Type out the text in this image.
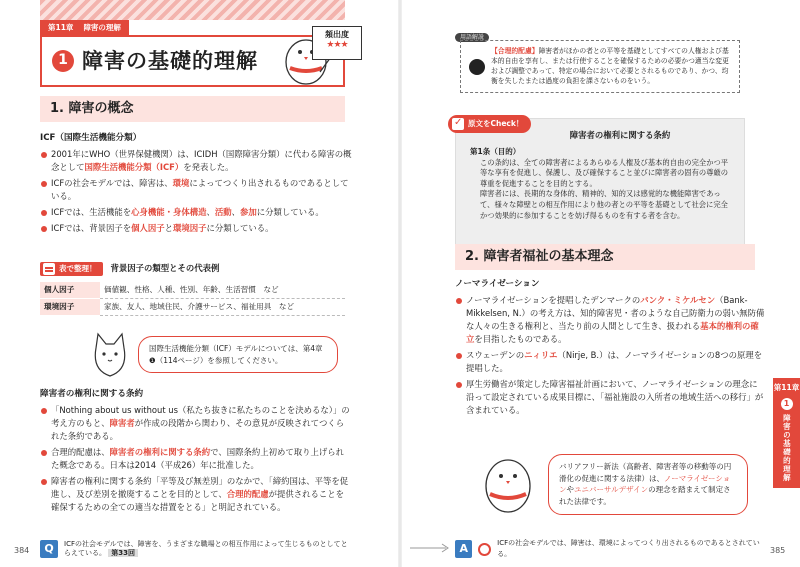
第11章 障害の理解
1 障害の基礎的理解
頻出度
★★★
1.
障害の概念
ICF（国際生活機能分類）
2001年にWHO（世界保健機関）は、ICIDH（国際障害分類）に代わる障害の概念として国際生活機能分類（ICF）を発表した。
ICFの社会モデルでは、障害は、環境によってつくり出されるものであるとしている。
ICFでは、生活機能を心身機能・身体構造、活動、参加に分類している。
ICFでは、背景因子を個人因子と環境因子に分類している。
表で整理！ 背景因子の類型とその代表例
個人因子	価値観、性格、人種、性別、年齢、生活習慣　など
環境因子	家族、友人、地域住民、介護サービス、福祉用具　など
国際生活機能分類（ICF）モデルについては、第4章❶（114ページ）を参照してください。
障害者の権利に関する条約
「Nothing about us without us（私たち抜きに私たちのことを決めるな）」の考え方のもと、障害者が作成の段階から関わり、その意見が反映されてつくられた条約である。
合理的配慮は、障害者の権利に関する条約で、国際条約上初めて取り上げられた概念である。日本は2014（平成26）年に批准した。
障害者の権利に関する条約「平等及び無差別」のなかで、「締約国は、平等を促進し、及び差別を撤廃することを目的として、合理的配慮が提供されることを確保するための全ての適当な措置をとる」と明記されている。
Q	ICFの社会モデルでは、障害を、うまざまな職場との相互作用によって生じるものとしてとらえている。 第33回
384
用語解説
【合理的配慮】障害者がほかの者との平等を基礎としてすべての人権および基本的自由を享有し、または行使することを確保するための必要かつ適当な変更および調整であって、特定の場合において必要とされるものであり、かつ、均衡を失したまたは過度の負担を課さないものをいう。
障害者の権利に関する条約
第1条（目的）
この条約は、全ての障害者によるあらゆる人権及び基本的自由の完全かつ平等な享有を促進し、保護し、及び確保すること並びに障害者の固有の尊厳の尊重を促進することを目的とする。
障害者には、長期的な身体的、精神的、知的又は感覚的な機能障害であって、様々な障壁との相互作用により他の者との平等を基礎として社会に完全かつ効果的に参加することを妨げ得るものを有する者を含む。
✓
原文をCheck！
2.
障害者福祉の基本理念
ノーマライゼーション
ノーマライゼーションを提唱したデンマークのバンク・ミケルセン（Bank-Mikkelsen, N.）の考え方は、知的障害児・者のような自己防衛力の弱い無防備な人々の生きる権利と、当たり前の人間として生き、扱われる基本的権利の確立を目指したものである。
スウェーデンのニィリエ（Nirje, B.）は、ノーマライゼーションの8つの原理を提唱した。
厚生労働省が策定した障害福祉計画において、ノーマライゼーションの理念に沿って設定されている成果目標に、「福祉施設の入所者の地域生活への移行」が含まれている。
バリアフリー新法（高齢者、障害者等の移動等の円滑化の促進に関する法律）は、ノーマライゼーションやユニバーサルデザインの理念を踏まえて制定された法律です。
第11章
1
障害の基礎的理解
A	ICFの社会モデルでは、障害は、環境によってつくり出されるものであるとされている。	385
